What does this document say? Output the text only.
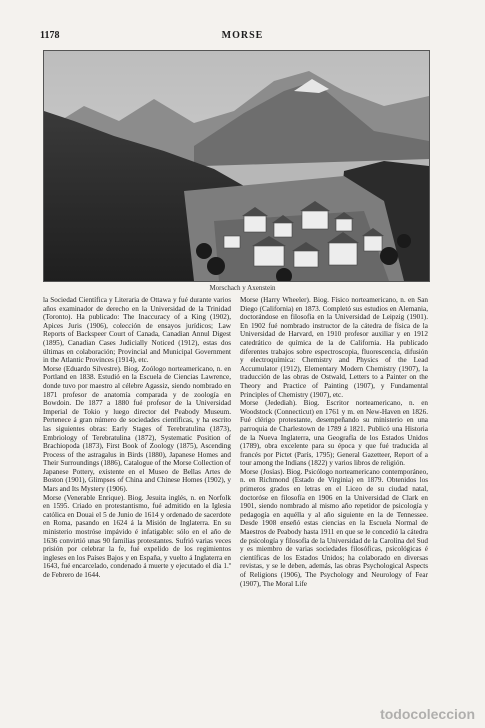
1178	MORSE
Morschach y Axenstein

la Sociedad Científica y Literaria de Ottawa y fué durante varios años examinador de derecho en la Universidad de la Trinidad (Toronto). Ha publicado: The Inaccuracy of a King (1902), Apices Juris (1906), colección de ensayos jurídicos; Law Reports of Backspeer Court of Canada, Canadian Annul Digest (1895), Canadian Cases Judicially Noticed (1912), estas dos últimas en colaboración; Provincial and Municipal Government in the Atlantic Provinces (1914), etc.

Morse (Eduardo Silvestre). Biog. Zoólogo norteamericano, n. en Portland en 1838. Estudió en la Escuela de Ciencias Lawrence, donde tuvo por maestro al célebre Agassiz, siendo nombrado en 1871 profesor de anatomía comparada y de zoología en Bowdoin. De 1877 a 1880 fué profesor de la Universidad Imperial de Tokio y luego director del Peabody Museum. Pertenece á gran número de sociedades científicas, y ha escrito las siguientes obras: Early Stages of Terebratulina (1873), Embriology of Terebratulina (1872), Systematic Position of Brachiopoda (1873), First Book of Zoology (1875), Ascending Process of the astragalus in Birds (1880), Japanese Homes and Their Surroundings (1886), Catalogue of the Morse Collection of Japanese Pottery, existente en el Museo de Bellas Artes de Boston (1901), Glimpses of China and Chinese Homes (1902), y Mars and Its Mystery (1906).

Morse (Venerable Enrique). Biog. Jesuita inglés, n. en Norfolk en 1595. Criado en protestantismo, fué admitido en la Iglesia católica en Douai el 5 de Junio de 1614 y ordenado de sacerdote en Roma, pasando en 1624 á la Misión de Inglaterra. En su ministerio mostróse impávido é infatigable: sólo en el año de 1636 convirtió unas 90 familias protestantes. Sufrió varias veces prisión por celebrar la fe, fué expelido de los regimientos ingleses en los Países Bajos y en España, y vuelto á Inglaterra en 1643, fué encarcelado, condenado á muerte y ejecutado el día 1.º de Febrero de 1644.

Morse (Harry Wheeler). Biog. Físico norteamericano, n. en San Diego (California) en 1873. Completó sus estudios en Alemania, doctorándose en filosofía en la Universidad de Leipzig (1901). En 1902 fué nombrado instructor de la cátedra de física de la Universidad de Harvard, en 1910 profesor auxiliar y en 1912 catedrático de química de la de California. Ha publicado diferentes trabajos sobre espectroscopia, fluorescencia, difusión y electroquímica: Chemistry and Physics of the Lead Accumulator (1912), Elementary Modern Chemistry (1907), la traducción de las obras de Ostwald, Letters to a Painter on the Theory and Practice of Painting (1907), y Fundamental Principles of Chemistry (1907), etc.

Morse (Jedediah). Biog. Escritor norteamericano, n. en Woodstock (Connecticut) en 1761 y m. en New-Haven en 1826. Fué clérigo protestante, desempeñando su ministerio en una parroquia de Charlestown de 1789 á 1821. Publicó una Historia de la Nueva Inglaterra, una Geografía de los Estados Unidos (1789), obra excelente para su época y que fué traducida al francés por Pictet (París, 1795); General Gazetteer, Report of a tour among the Indians (1822) y varios libros de religión.

Morse (Josías). Biog. Psicólogo norteamericano contemporáneo, n. en Richmond (Estado de Virginia) en 1879. Obtenidos los primeros grados en letras en el Liceo de su ciudad natal, doctoróse en filosofía en 1906 en la Universidad de Clark en 1901, siendo nombrado al mismo año repetidor de psicología y pedagogía en aquélla y al año siguiente en la de Tennessee. Desde 1908 enseñó estas ciencias en la Escuela Normal de Maestros de Peabody hasta 1911 en que se le concedió la cátedra de psicología y filosofía de la Universidad de la Carolina del Sud y es miembro de varias sociedades filosóficas, psicológicas é científicas de los Estados Unidos; ha colaborado en diversas revistas, y se le deben, además, las obras Psychological Aspects of Religions (1906), The Psychology and Neurology of Fear (1907), The Moral Life

todocoleccion
